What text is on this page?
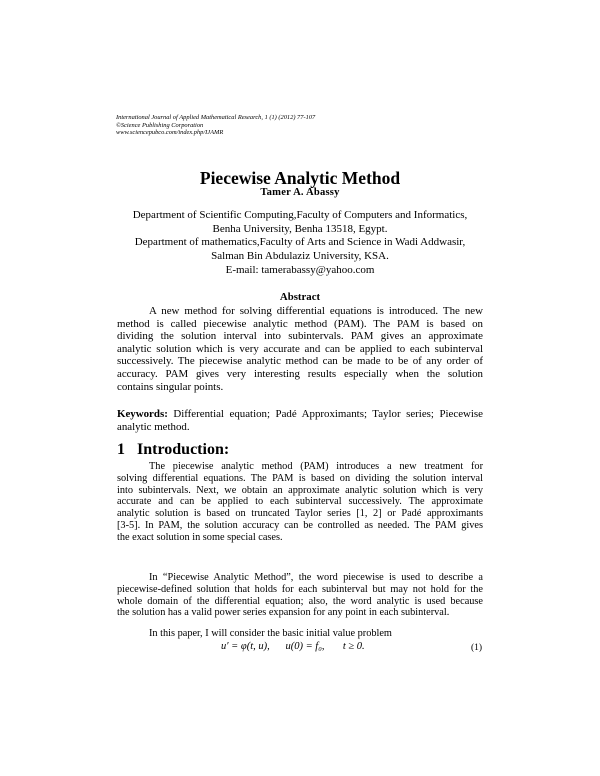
International Journal of Applied Mathematical Research, 1 (1) (2012) 77-107
©Science Publishing Corporation
www.sciencepubco.com/index.php/IJAMR
Piecewise Analytic Method
Tamer A. Abassy
Department of Scientific Computing,Faculty of Computers and Informatics,
Benha University, Benha 13518, Egypt.
Department of mathematics,Faculty of Arts and Science in Wadi Addwasir,
Salman Bin Abdulaziz University, KSA.
E-mail: tamerabassy@yahoo.com
Abstract
A new method for solving differential equations is introduced. The new
method is called piecewise analytic method (PAM). The PAM is based on
dividing the solution interval into subintervals. PAM gives an approximate
analytic solution which is very accurate and can be applied to each subinterval
successively. The piecewise analytic method can be made to be of any order of
accuracy. PAM gives very interesting results especially when the solution
contains singular points.
Keywords: Differential equation; Padé Approximants; Taylor series; Piecewise
analytic method.
1 Introduction:
The piecewise analytic method (PAM) introduces a new treatment for
solving differential equations. The PAM is based on dividing the solution interval
into subintervals. Next, we obtain an approximate analytic solution which is very
accurate and can be applied to each subinterval successively. The approximate
analytic solution is based on truncated Taylor series [1, 2] or Padé approximants
[3-5]. In PAM, the solution accuracy can be controlled as needed. The PAM gives
the exact solution in some special cases.
In “Piecewise Analytic Method”, the word piecewise is used to describe a
piecewise-defined solution that holds for each subinterval but may not hold for the
whole domain of the differential equation; also, the word analytic is used because
the solution has a valid power series expansion for any point in each subinterval.
In this paper, I will consider the basic initial value problem
u′ = φ(t, u),      u(0) = f₀,       t ≥ 0.	(1)
